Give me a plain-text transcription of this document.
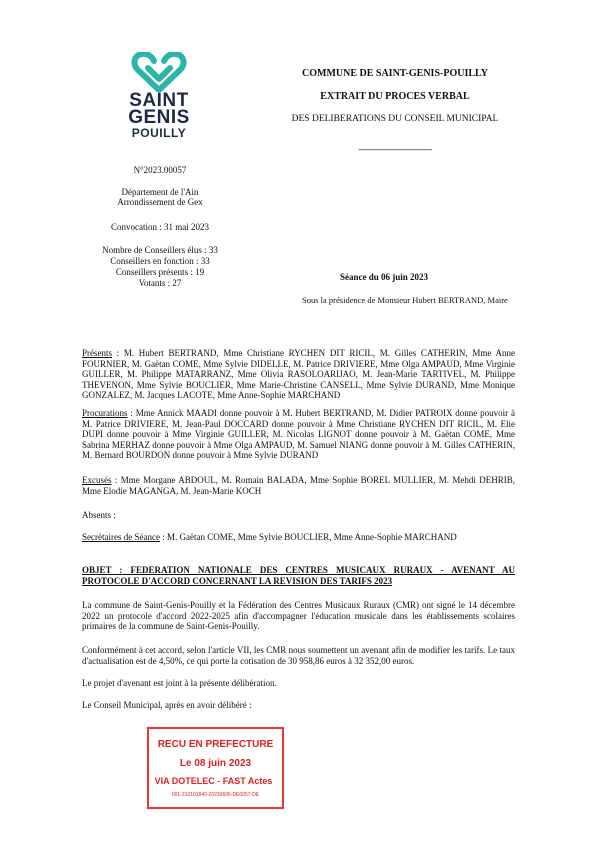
SAINT
GENIS
POUILLY
COMMUNE DE SAINT-GENIS-POUILLY
EXTRAIT DU PROCES VERBAL
DES DELIBERATIONS DU CONSEIL MUNICIPAL
----------------------------------
N°2023.00057
Département de l'Ain
Arrondissement de Gex
Convocation : 31 mai 2023
Nombre de Conseillers élus : 33
Conseillers en fonction : 33
Conseillers présents : 19
Votants : 27
Séance du 06 juin 2023
Sous la présidence de Monsieur Hubert BERTRAND, Maire
Présents : M. Hubert BERTRAND, Mme Christiane RYCHEN DIT RICIL, M. Gilles CATHERIN, Mme Anne FOURNIER, M. Gaëtan COME, Mme Sylvie DIDELLE, M. Patrice DRIVIERE, Mme Olga AMPAUD, Mme Virginie GUILLER, M. Philippe MATARRANZ, Mme Olivia RASOLOARIJAO, M. Jean-Marie TARTIVEL, M. Philippe THEVENON, Mme Sylvie BOUCLIER, Mme Marie-Christine CANSELL, Mme Sylvie DURAND, Mme Monique GONZALEZ, M. Jacques LACOTE, Mme Anne-Sophie MARCHAND
Procurations : Mme Annick MAADI donne pouvoir à M. Hubert BERTRAND, M. Didier PATROIX donne pouvoir à M. Patrice DRIVIERE, M. Jean-Paul DOCCARD donne pouvoir à Mme Christiane RYCHEN DIT RICIL, M. Elie DUPI donne pouvoir à Mme Virginie GUILLER, M. Nicolas LIGNOT donne pouvoir à M. Gaëtan COME, Mme Sabrina MERHAZ donne pouvoir à Mme Olga AMPAUD, M. Samuel NIANG donne pouvoir à M. Gilles CATHERIN, M. Bernard BOURDON donne pouvoir à Mme Sylvie DURAND
Excusés : Mme Morgane ABDOUL, M. Romain BALADA, Mme Sophie BOREL MULLIER, M. Mehdi DEHRIB, Mme Elodie MAGANGA, M. Jean-Marie KOCH
Absents :
Secrétaires de Séance : M. Gaëtan COME, Mme Sylvie BOUCLIER, Mme Anne-Sophie MARCHAND
OBJET : FEDERATION NATIONALE DES CENTRES MUSICAUX RURAUX - AVENANT AU PROTOCOLE D'ACCORD CONCERNANT LA REVISION DES TARIFS 2023
La commune de Saint-Genis-Pouilly et la Fédération des Centres Musicaux Ruraux (CMR) ont signé le 14 décembre 2022 un protocole d'accord 2022-2025 afin d'accompagner l'éducation musicale dans les établissements scolaires primaires de la commune de Saint-Genis-Pouilly.
Conformément à cet accord, selon l'article VII, les CMR nous soumettent un avenant afin de modifier les tarifs. Le taux d'actualisation est de 4,50%, ce qui porte la cotisation de 30 958,86 euros à 32 352,00 euros.
Le projet d'avenant est joint à la présente délibération.
Le Conseil Municipal, après en avoir délibéré :
RECU EN PREFECTURE
Le 08 juin 2023
VIA DOTELEC - FAST Actes
001-210101840-20230606-DE0057-DE
